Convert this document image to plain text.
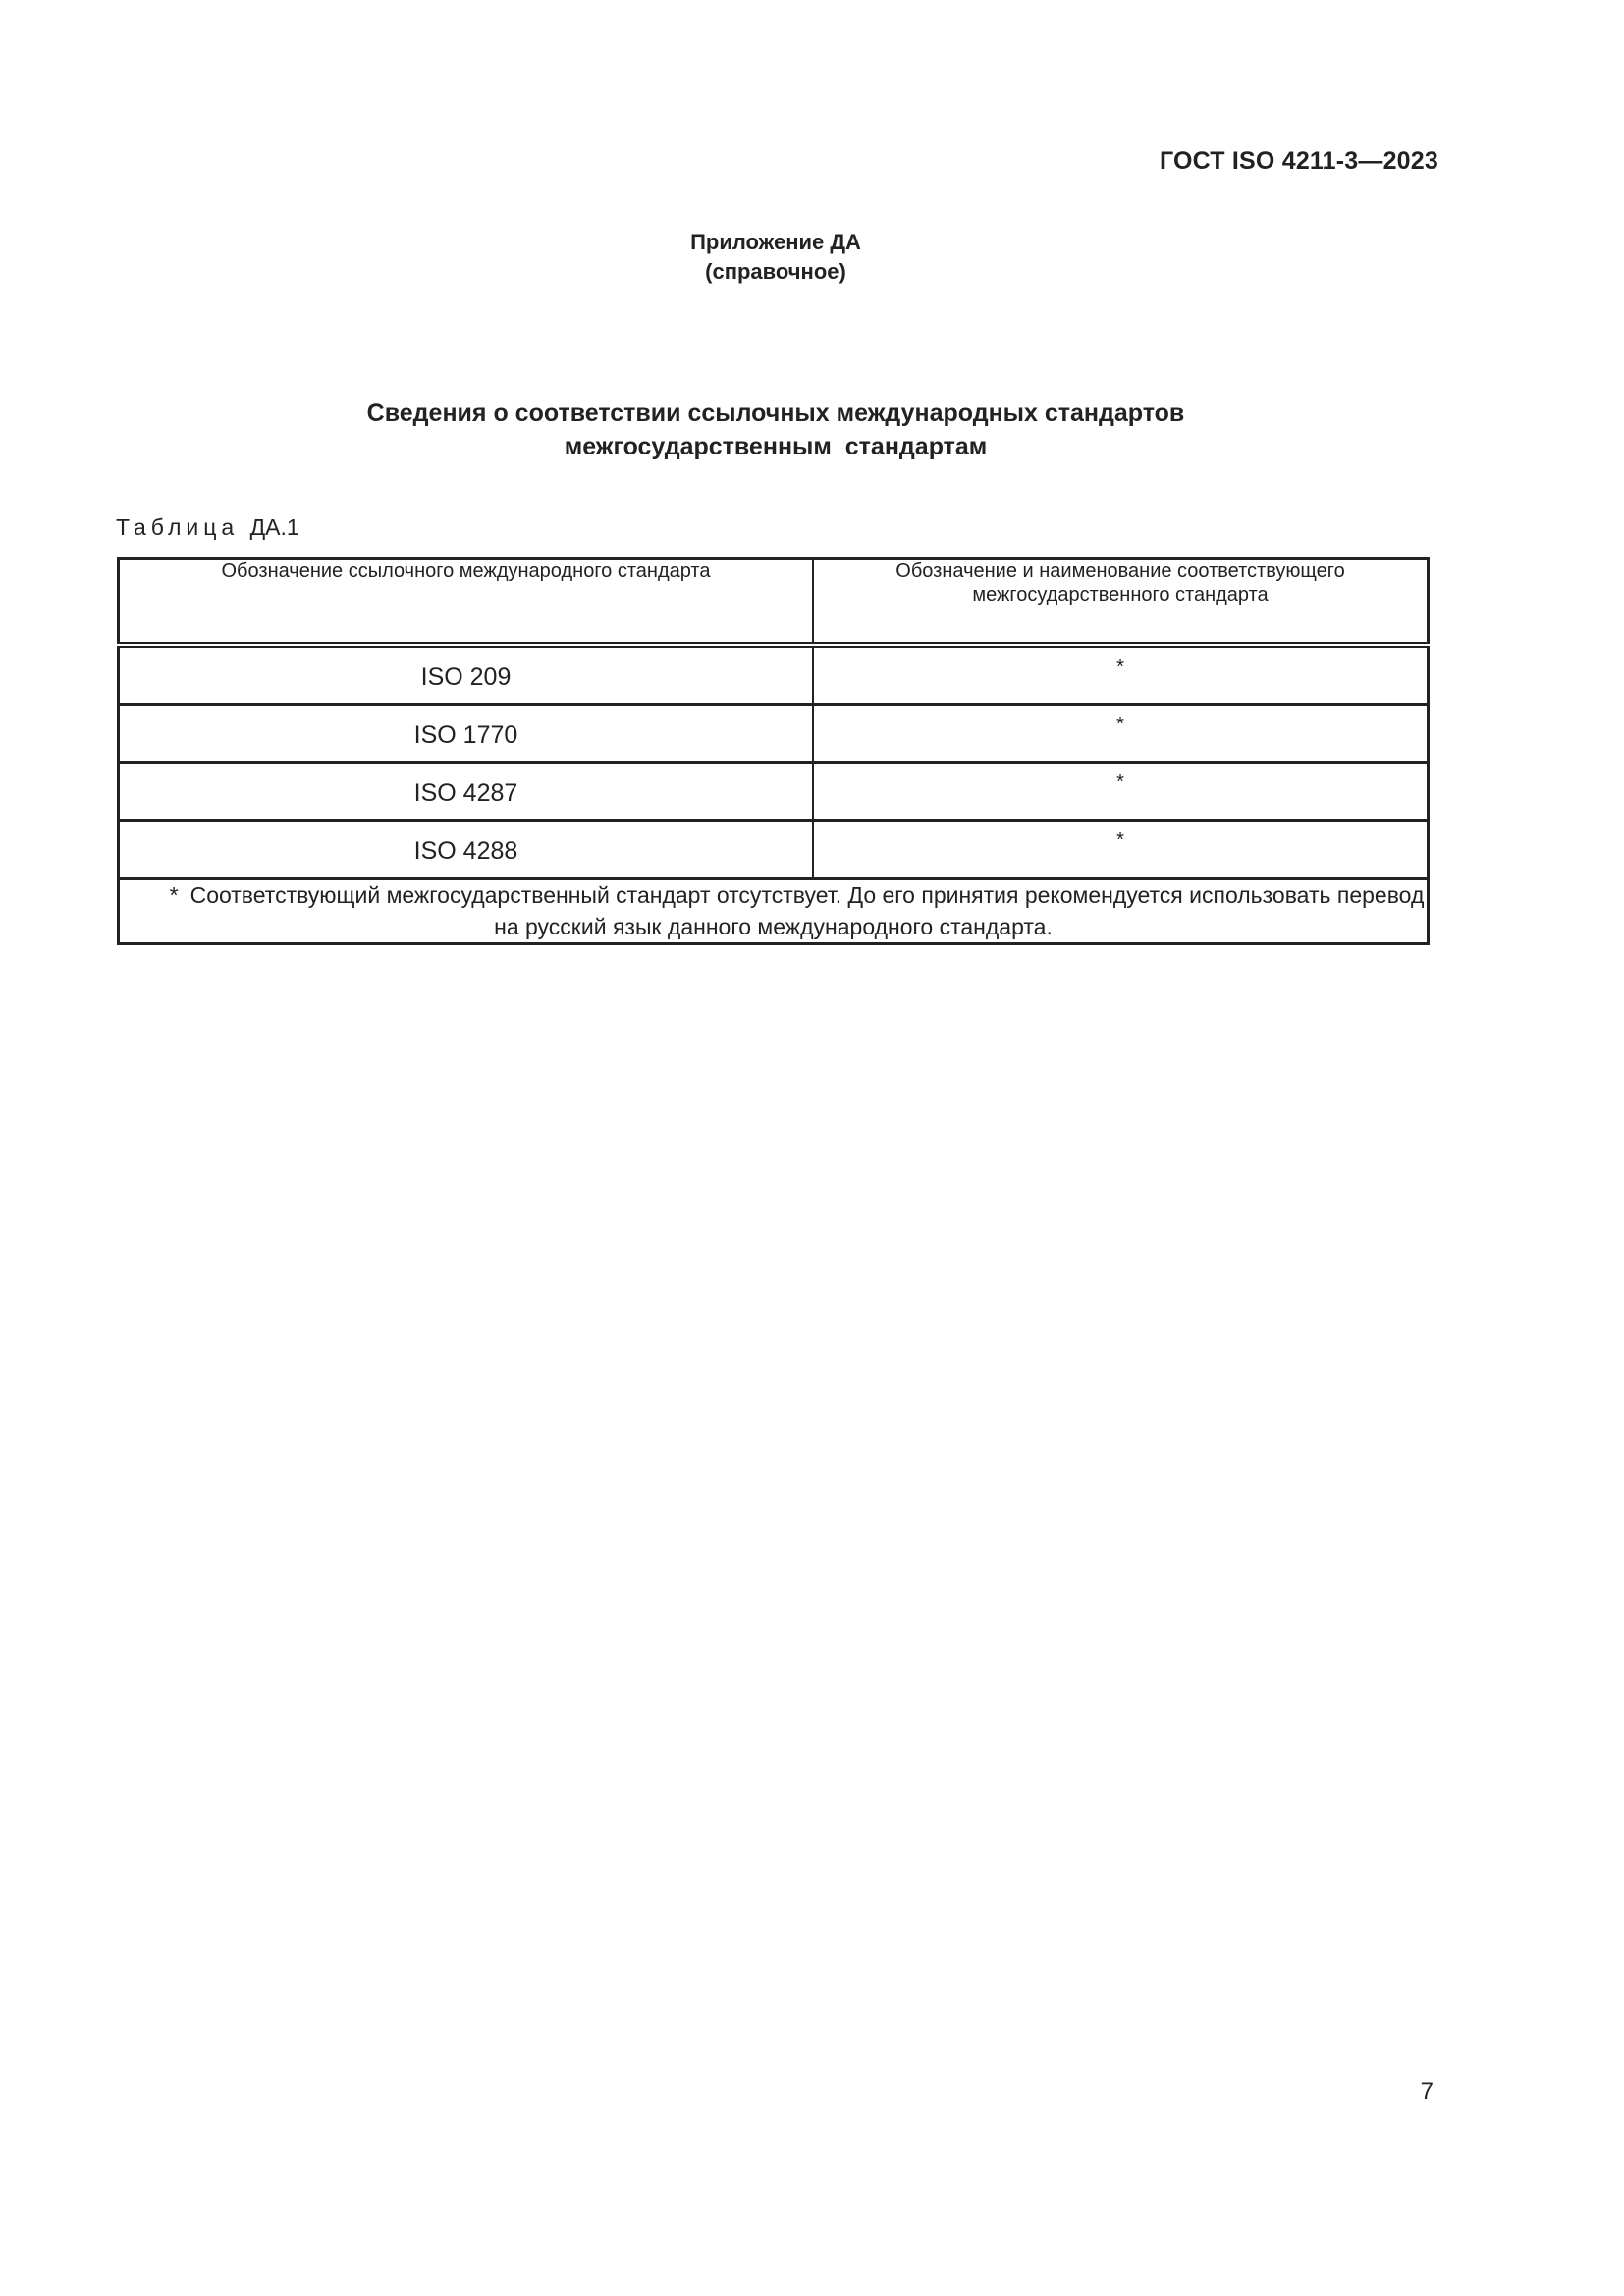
ГОСТ ISO 4211-3—2023
Приложение ДА
(справочное)
Сведения о соответствии ссылочных международных стандартов
межгосударственным  стандартам
Таблица ДА.1
Обозначение ссылочного международного стандарта	Обозначение и наименование соответствующего межгосударственного стандарта

ISO 209	*
ISO 1770	*
ISO 4287	*
ISO 4288	*
* Соответствующий межгосударственный стандарт отсутствует. До его принятия рекомендуется использовать перевод на русский язык данного международного стандарта.	
7
